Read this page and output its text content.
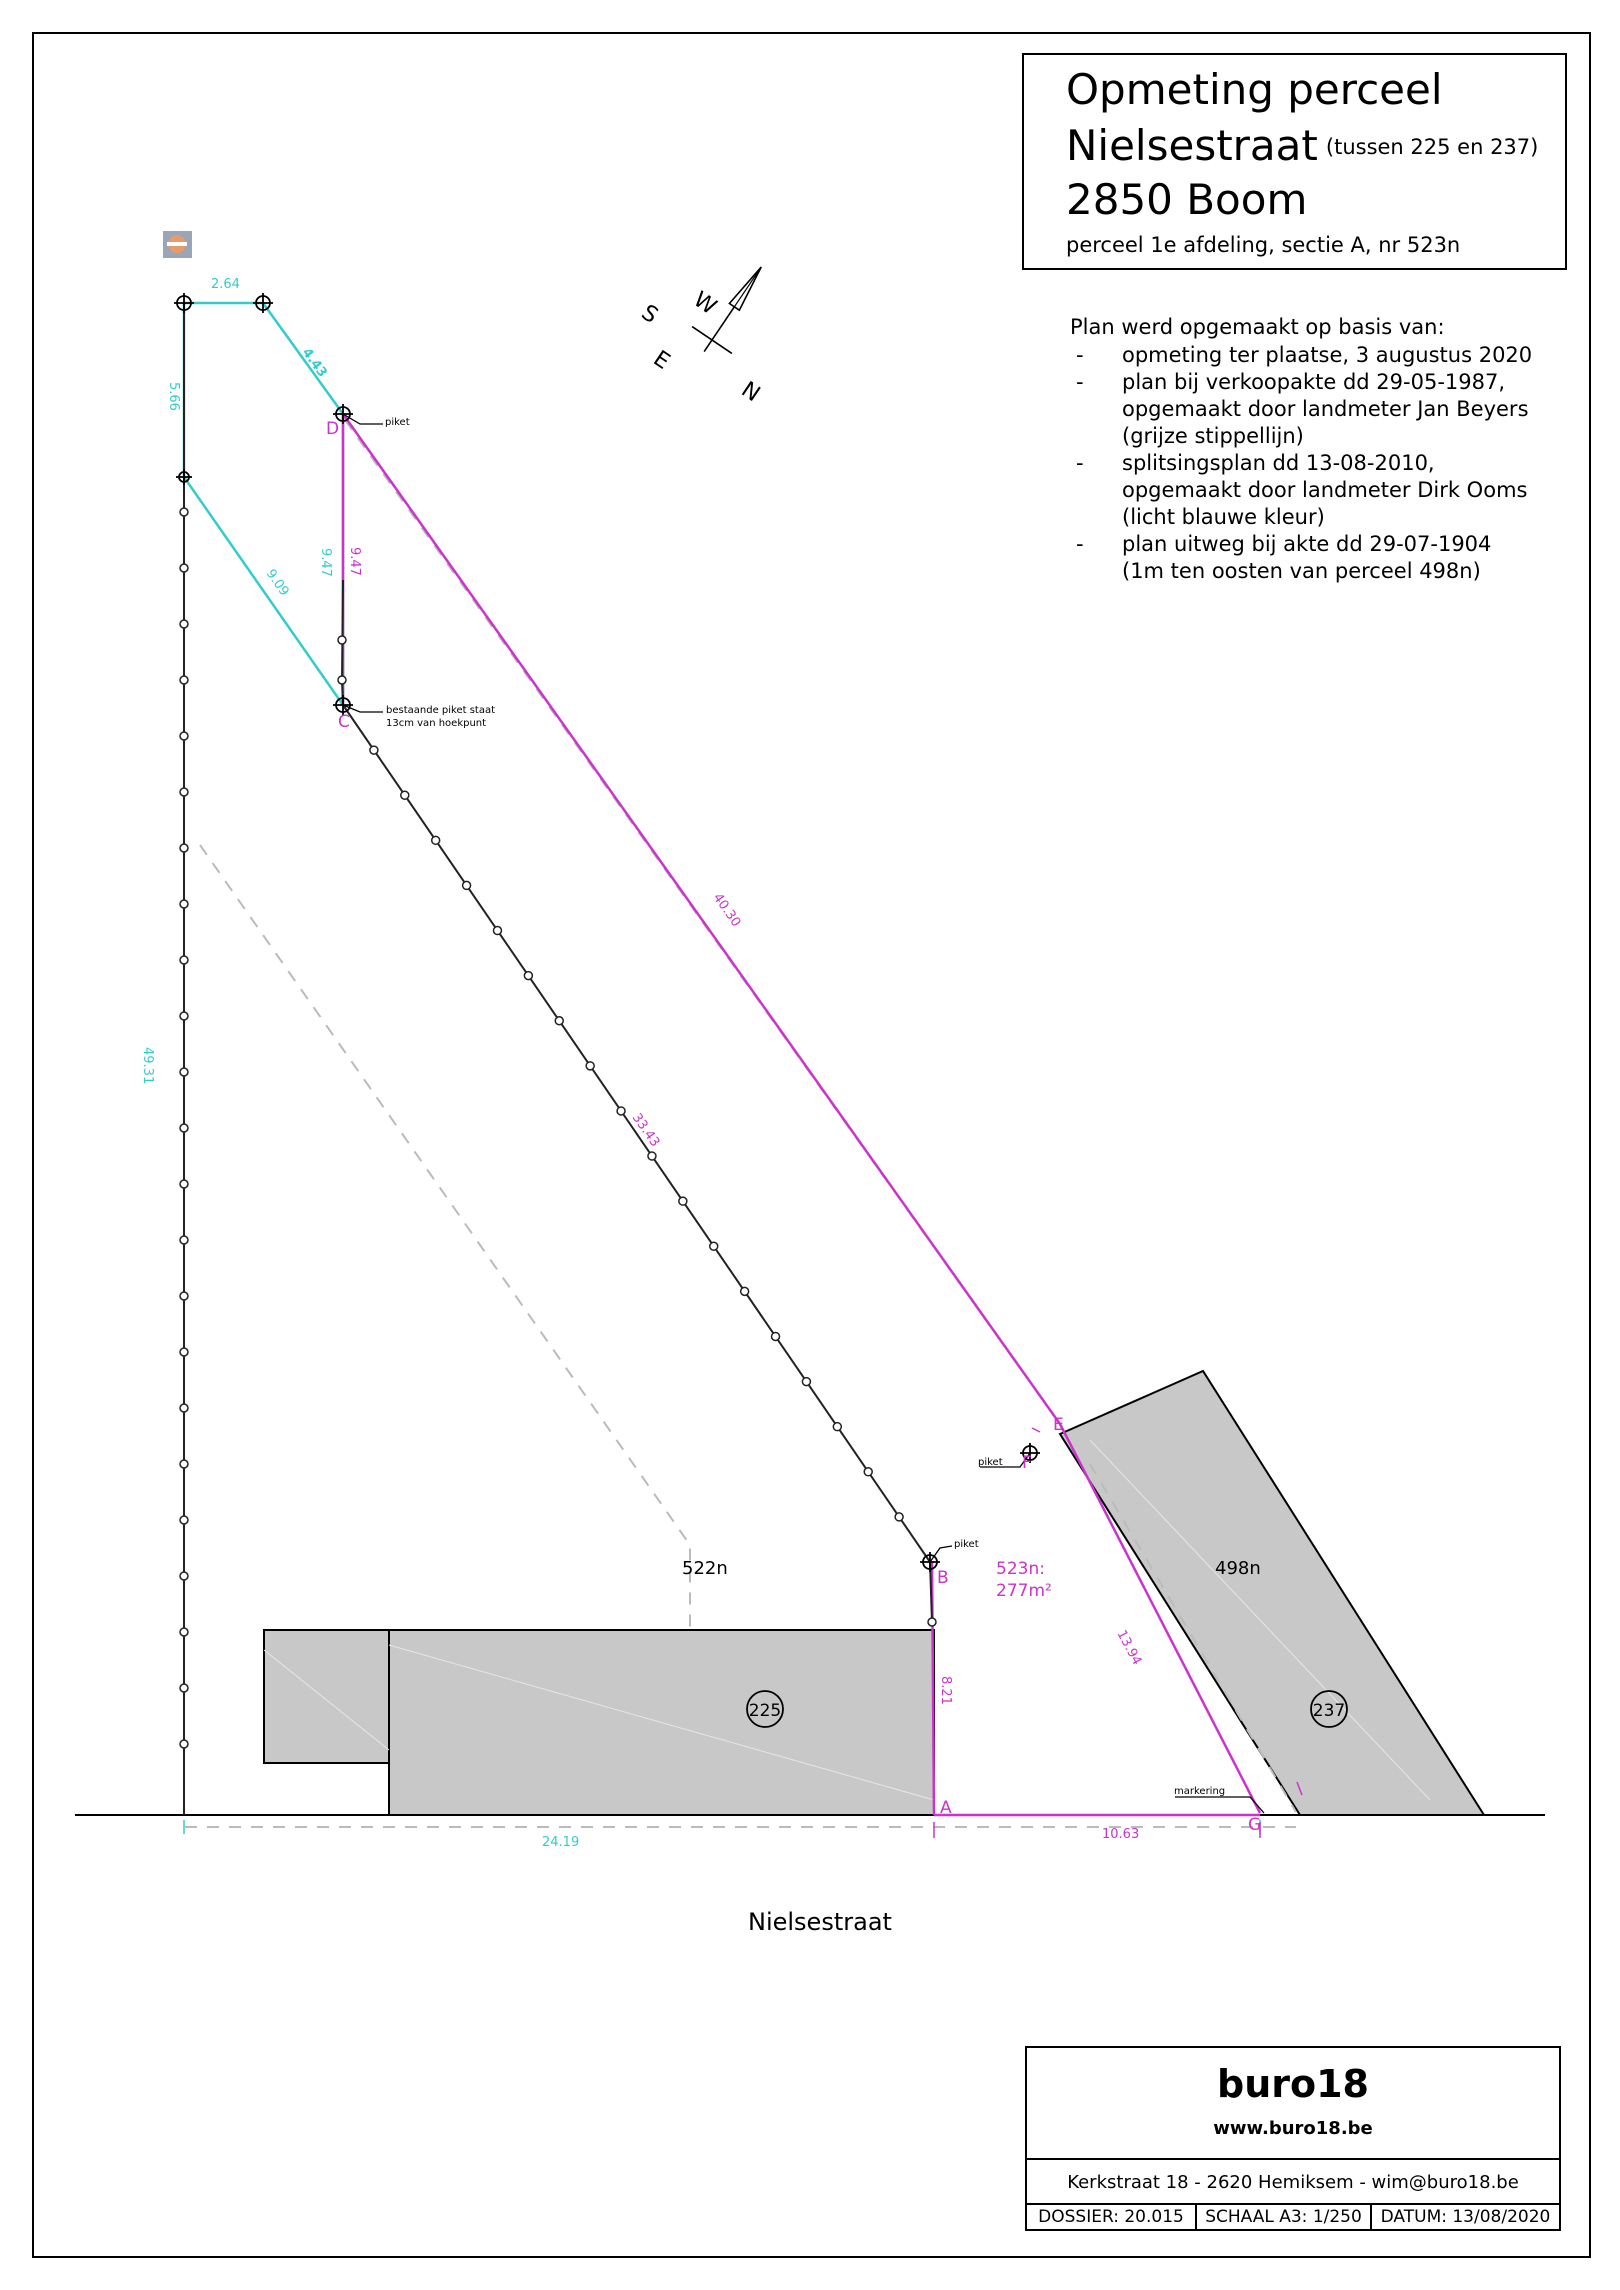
W
S
E
N
D
C
B
A
E
F
G
piket
bestaande piket staat
13cm van hoekpunt
piket
piket
markering
522n	498n
523n:
277m²
225	237
2.64
4.43
5.66
9.09
9.47
49.31
24.19
9.47
40.30
33.43
8.21
13.94
10.63
Opmeting perceel
Nielsestraat (tussen 225 en 237)
2850 Boom
perceel 1e afdeling, sectie A, nr 523n
Plan werd opgemaakt op basis van:
- opmeting ter plaatse, 3 augustus 2020
- plan bij verkoopakte dd 29-05-1987,
opgemaakt door landmeter Jan Beyers
(grijze stippellijn)
- splitsingsplan dd 13-08-2010,
opgemaakt door landmeter Dirk Ooms
(licht blauwe kleur)
- plan uitweg bij akte dd 29-07-1904
(1m ten oosten van perceel 498n)
Nielsestraat
buro18
www.buro18.be
Kerkstraat 18 - 2620 Hemiksem - wim@buro18.be
DOSSIER: 20.015	SCHAAL A3: 1/250	DATUM: 13/08/2020
